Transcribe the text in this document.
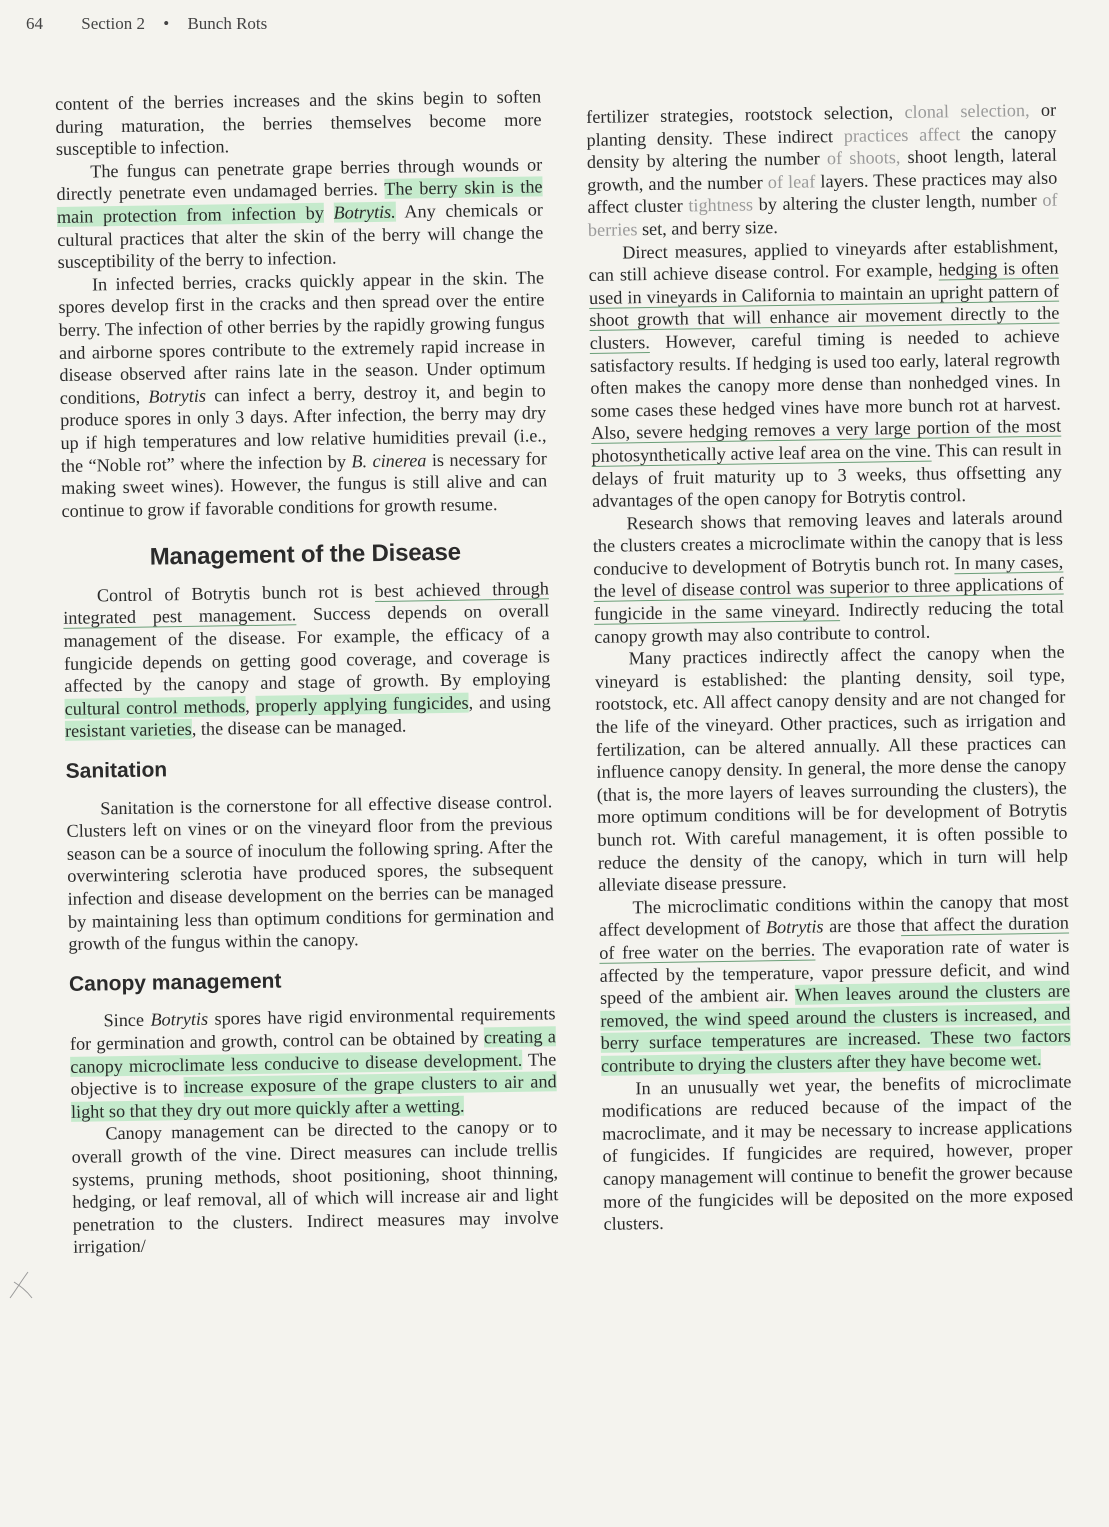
64 Section 2 • Bunch Rots

content of the berries increases and the skins begin to soften during maturation, the berries themselves become more susceptible to infection.

The fungus can penetrate grape berries through wounds or directly penetrate even undamaged berries. The berry skin is the main protection from infection by Botrytis. Any chemicals or cultural practices that alter the skin of the berry will change the susceptibility of the berry to infection.

In infected berries, cracks quickly appear in the skin. The spores develop first in the cracks and then spread over the entire berry. The infection of other berries by the rapidly growing fungus and airborne spores contribute to the extremely rapid increase in disease observed after rains late in the season. Under optimum conditions, Botrytis can infect a berry, destroy it, and begin to produce spores in only 3 days. After infection, the berry may dry up if high temperatures and low relative humidities prevail (i.e., the “Noble rot” where the infection by B. cinerea is necessary for making sweet wines). However, the fungus is still alive and can continue to grow if favorable conditions for growth resume.

Management of the Disease

Control of Botrytis bunch rot is best achieved through integrated pest management. Success depends on overall management of the disease. For example, the efficacy of a fungicide depends on getting good coverage, and coverage is affected by the canopy and stage of growth. By employing cultural control methods, properly applying fungicides, and using resistant varieties, the disease can be managed.

Sanitation

Sanitation is the cornerstone for all effective disease control. Clusters left on vines or on the vineyard floor from the previous season can be a source of inoculum the following spring. After the overwintering sclerotia have produced spores, the subsequent infection and disease development on the berries can be managed by maintaining less than optimum conditions for germination and growth of the fungus within the canopy.

Canopy management

Since Botrytis spores have rigid environmental requirements for germination and growth, control can be obtained by creating a canopy microclimate less conducive to disease development. The objective is to increase exposure of the grape clusters to air and light so that they dry out more quickly after a wetting.

Canopy management can be directed to the canopy or to overall growth of the vine. Direct measures can include trellis systems, pruning methods, shoot positioning, shoot thinning, hedging, or leaf removal, all of which will increase air and light penetration to the clusters. Indirect measures may involve irrigation/

fertilizer strategies, rootstock selection, clonal selection, or planting density. These indirect practices affect the canopy density by altering the number of shoots, shoot length, lateral growth, and the number of leaf layers. These practices may also affect cluster tightness by altering the cluster length, number of berries set, and berry size.

Direct measures, applied to vineyards after establishment, can still achieve disease control. For example, hedging is often used in vineyards in California to maintain an upright pattern of shoot growth that will enhance air movement directly to the clusters. However, careful timing is needed to achieve satisfactory results. If hedging is used too early, lateral regrowth often makes the canopy more dense than nonhedged vines. In some cases these hedged vines have more bunch rot at harvest. Also, severe hedging removes a very large portion of the most photosynthetically active leaf area on the vine. This can result in delays of fruit maturity up to 3 weeks, thus offsetting any advantages of the open canopy for Botrytis control.

Research shows that removing leaves and laterals around the clusters creates a microclimate within the canopy that is less conducive to development of Botrytis bunch rot. In many cases, the level of disease control was superior to three applications of fungicide in the same vineyard. Indirectly reducing the total canopy growth may also contribute to control.

Many practices indirectly affect the canopy when the vineyard is established: the planting density, soil type, rootstock, etc. All affect canopy density and are not changed for the life of the vineyard. Other practices, such as irrigation and fertilization, can be altered annually. All these practices can influence canopy density. In general, the more dense the canopy (that is, the more layers of leaves surrounding the clusters), the more optimum conditions will be for development of Botrytis bunch rot. With careful management, it is often possible to reduce the density of the canopy, which in turn will help alleviate disease pressure.

The microclimatic conditions within the canopy that most affect development of Botrytis are those that affect the duration of free water on the berries. The evaporation rate of water is affected by the temperature, vapor pressure deficit, and wind speed of the ambient air. When leaves around the clusters are removed, the wind speed around the clusters is increased, and berry surface temperatures are increased. These two factors contribute to drying the clusters after they have become wet.

In an unusually wet year, the benefits of microclimate modifications are reduced because of the impact of the macroclimate, and it may be necessary to increase applications of fungicides. If fungicides are required, however, proper canopy management will continue to benefit the grower because more of the fungicides will be deposited on the more exposed clusters.
